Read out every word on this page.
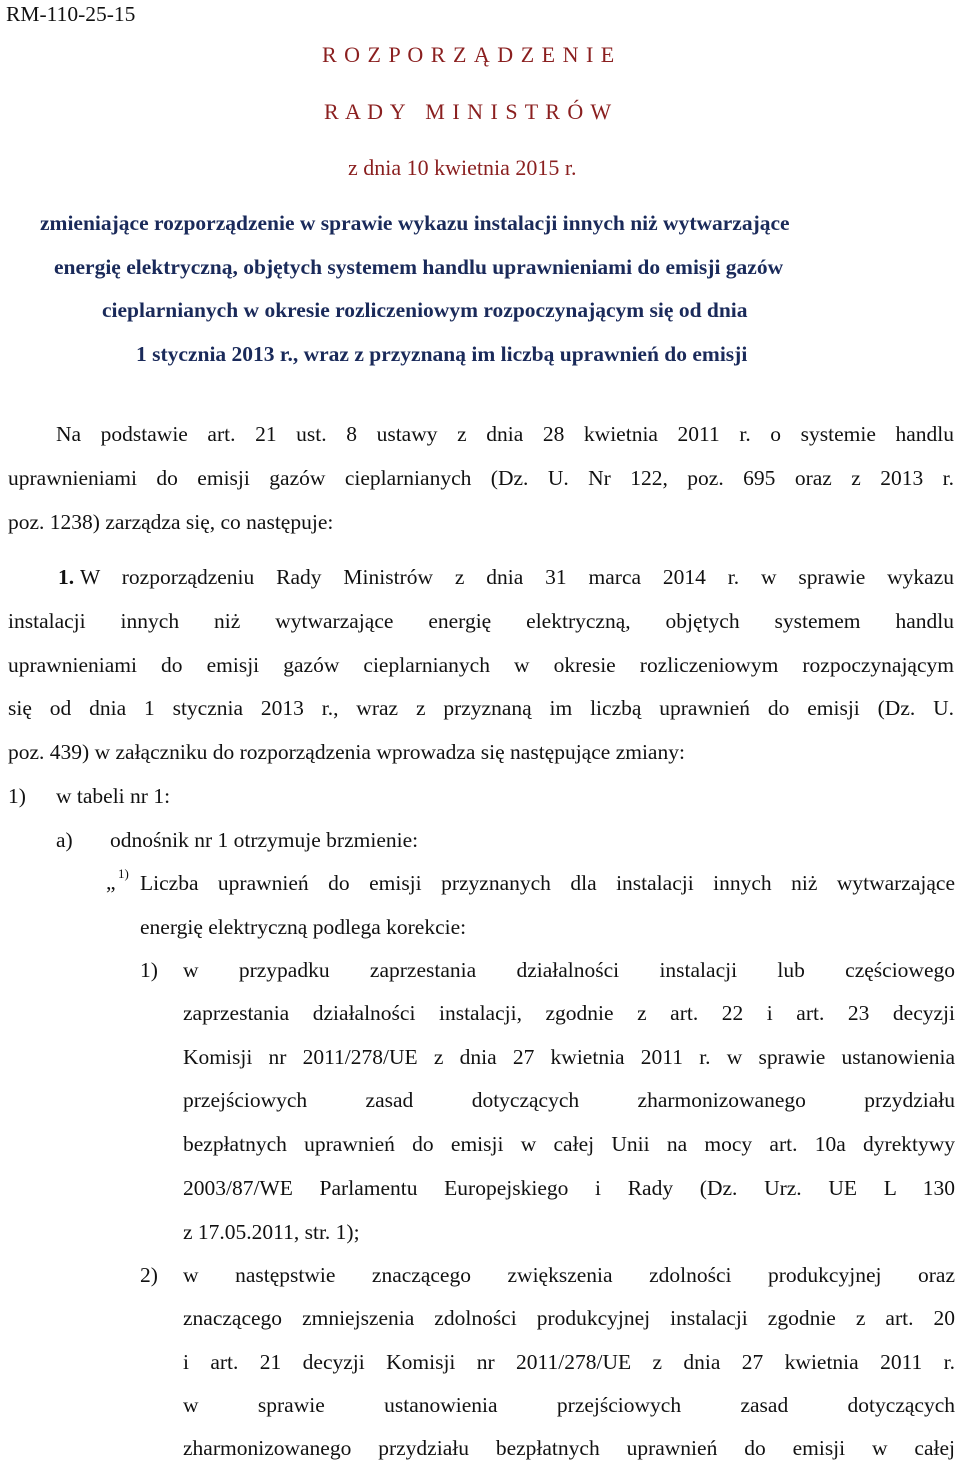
RM-110-25-15
R O Z P O R Z Ą D Z E N I E
R A D Y   M I N I S T R Ó W
z dnia 10 kwietnia 2015 r.
zmieniające rozporządzenie w sprawie wykazu instalacji innych niż wytwarzające
energię elektryczną, objętych systemem handlu uprawnieniami do emisji gazów
cieplarnianych w okresie rozliczeniowym rozpoczynającym się od dnia
1 stycznia 2013 r., wraz z przyznaną im liczbą uprawnień do emisji
Na podstawie art. 21 ust. 8 ustawy z dnia 28 kwietnia 2011 r. o systemie handlu
uprawnieniami do emisji gazów cieplarnianych (Dz. U. Nr 122, poz. 695 oraz z 2013 r.
poz. 1238) zarządza się, co następuje:
1. W rozporządzeniu Rady Ministrów z dnia 31 marca 2014 r. w sprawie wykazu
instalacji innych niż wytwarzające energię elektryczną, objętych systemem handlu
uprawnieniami do emisji gazów cieplarnianych w okresie rozliczeniowym rozpoczynającym
się od dnia 1 stycznia 2013 r., wraz z przyznaną im liczbą uprawnień do emisji (Dz. U.
poz. 439) w załączniku do rozporządzenia wprowadza się następujące zmiany:
1) w tabeli nr 1:
a) odnośnik nr 1 otrzymuje brzmienie:
„ 1) Liczba uprawnień do emisji przyznanych dla instalacji innych niż wytwarzające
energię elektryczną podlega korekcie:
1) w przypadku zaprzestania działalności instalacji lub częściowego
zaprzestania działalności instalacji, zgodnie z art. 22 i art. 23 decyzji
Komisji nr 2011/278/UE z dnia 27 kwietnia 2011 r. w sprawie ustanowienia
przejściowych zasad dotyczących zharmonizowanego przydziału
bezpłatnych uprawnień do emisji w całej Unii na mocy art. 10a dyrektywy
2003/87/WE Parlamentu Europejskiego i Rady (Dz. Urz. UE L 130
z 17.05.2011, str. 1);
2) w następstwie znaczącego zwiększenia zdolności produkcyjnej oraz
znaczącego zmniejszenia zdolności produkcyjnej instalacji zgodnie z art. 20
i art. 21 decyzji Komisji nr 2011/278/UE z dnia 27 kwietnia 2011 r.
w sprawie ustanowienia przejściowych zasad dotyczących
zharmonizowanego przydziału bezpłatnych uprawnień do emisji w całej
